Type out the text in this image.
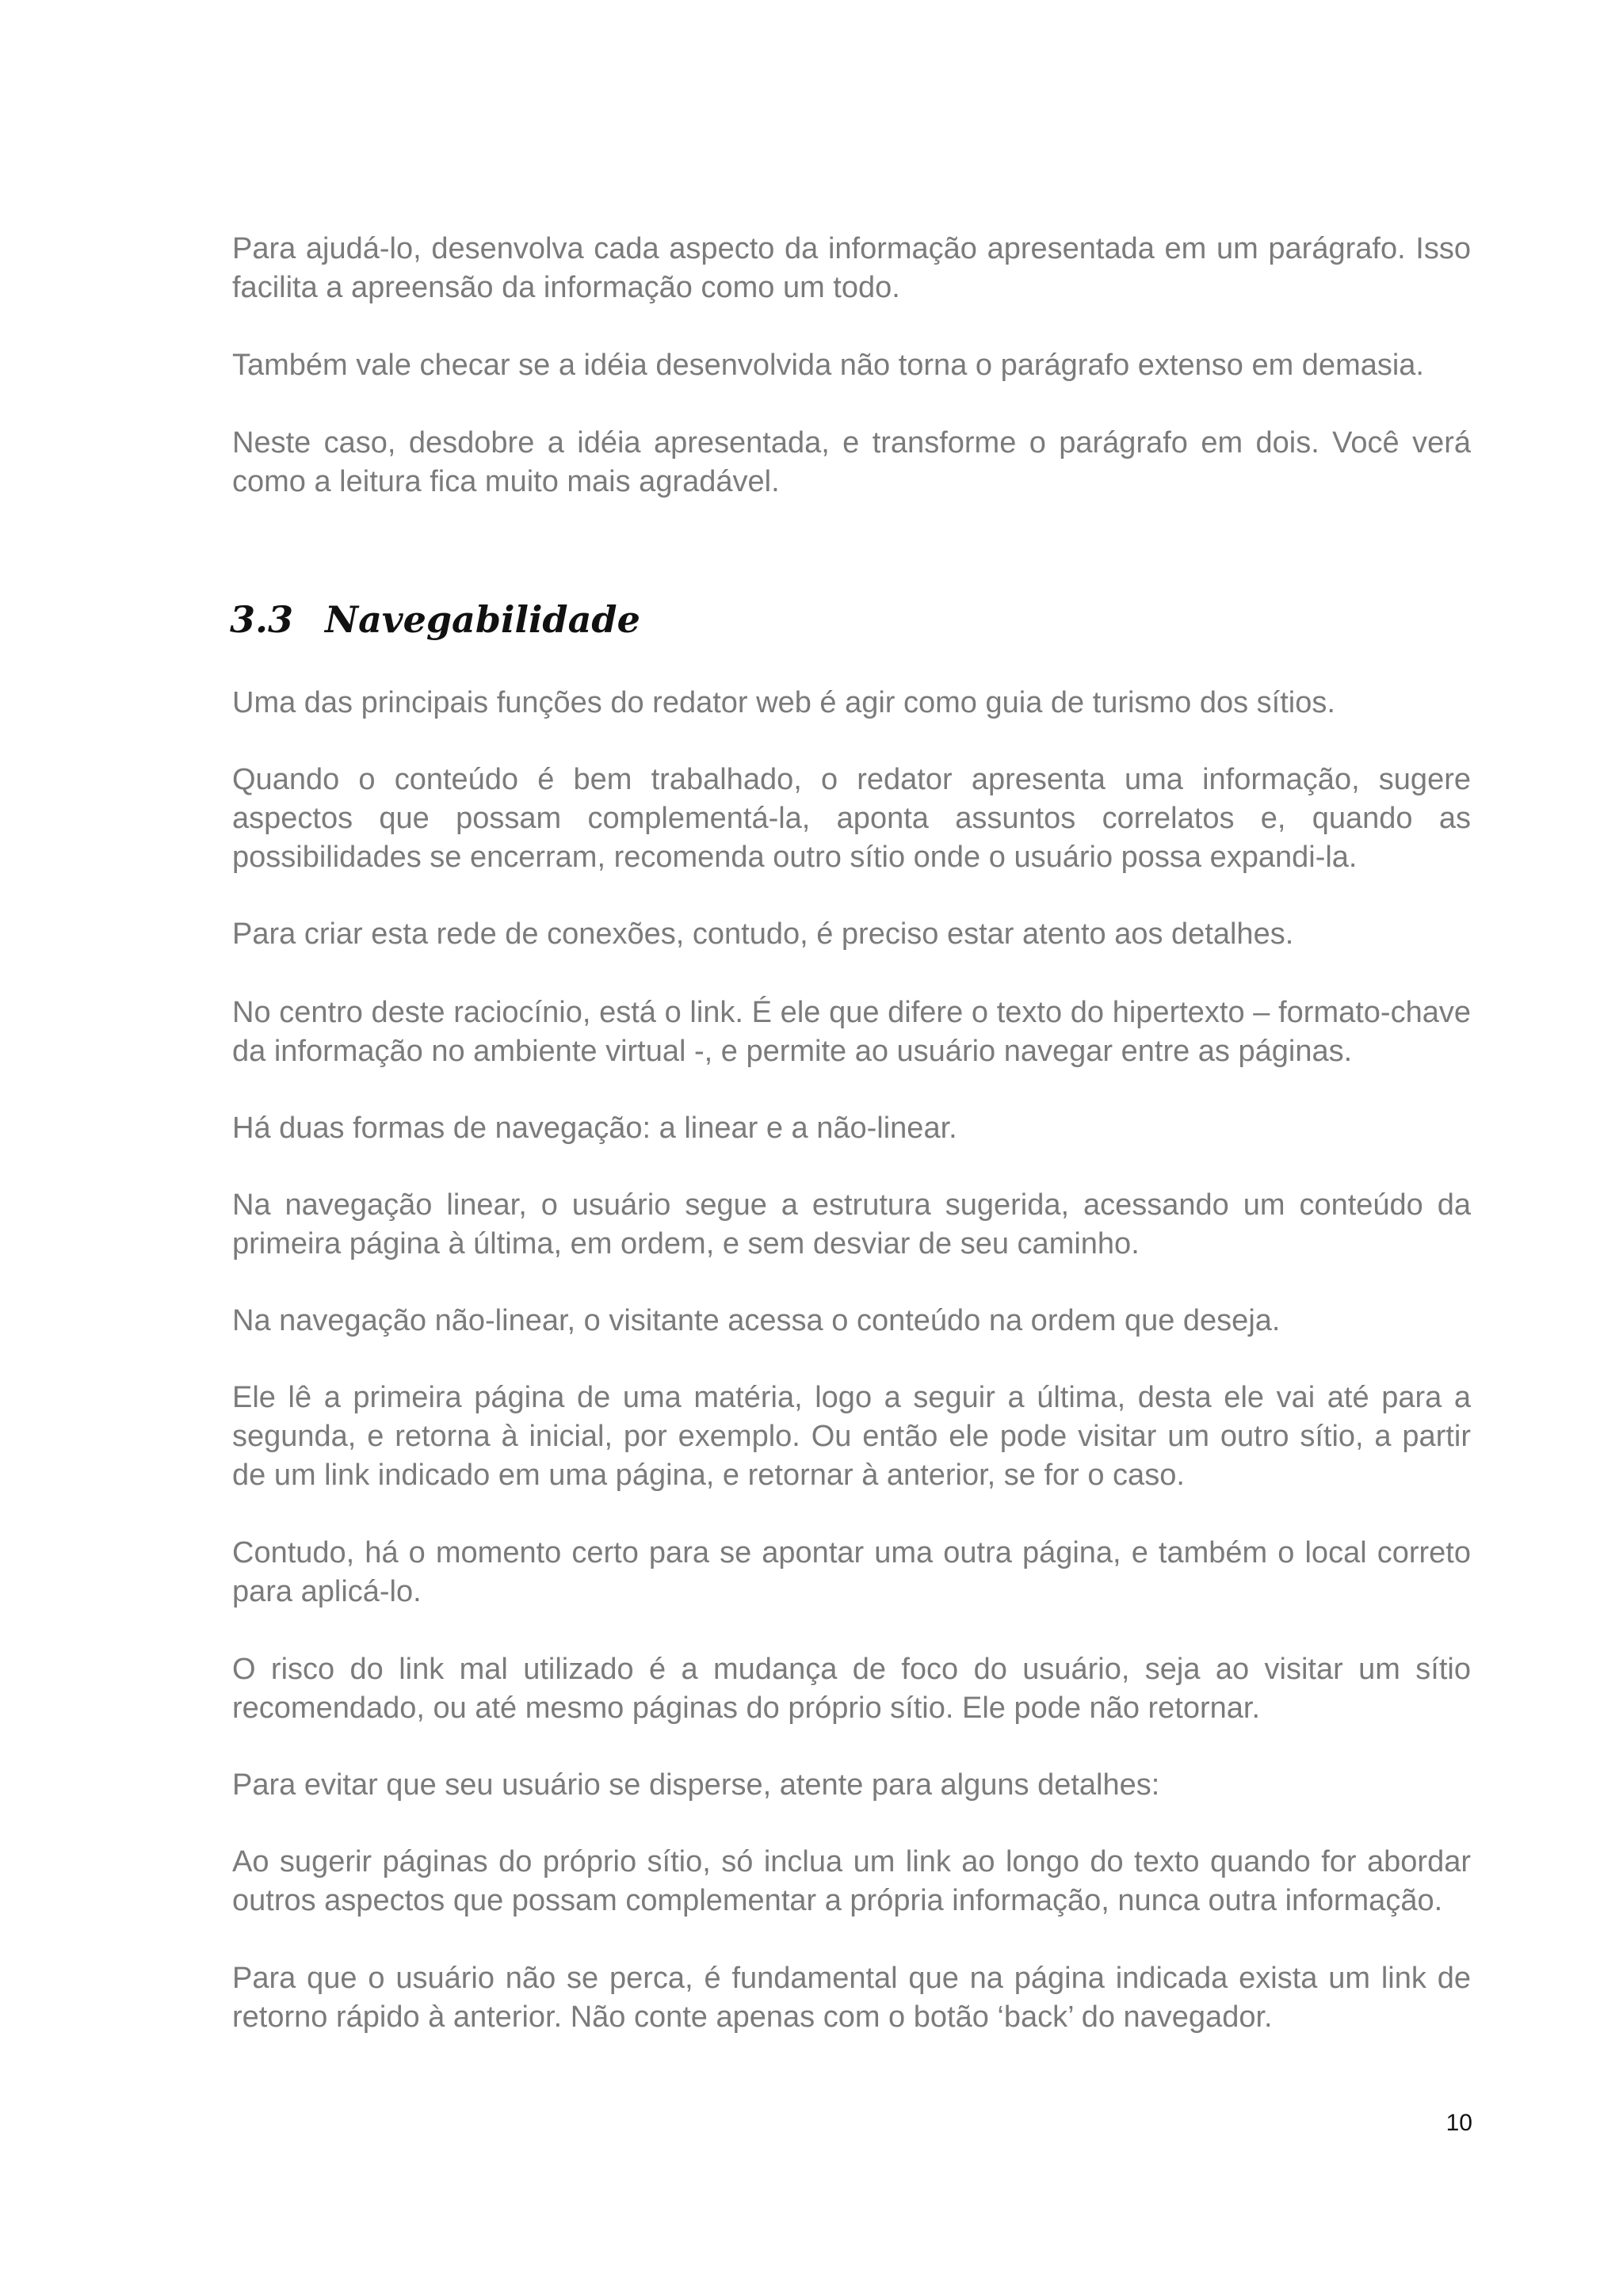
Para ajudá-lo, desenvolva cada aspecto da informação apresentada em um parágrafo. Isso facilita a apreensão da informação como um todo.

Também vale checar se a idéia desenvolvida não torna o parágrafo extenso em demasia.

Neste caso, desdobre a idéia apresentada, e transforme o parágrafo em dois. Você verá como a leitura fica muito mais agradável.

3.3 Navegabilidade

Uma das principais funções do redator web é agir como guia de turismo dos sítios.

Quando o conteúdo é bem trabalhado, o redator apresenta uma informação, sugere aspectos que possam complementá-la, aponta assuntos correlatos e, quando as possibilidades se encerram, recomenda outro sítio onde o usuário possa expandi-la.

Para criar esta rede de conexões, contudo, é preciso estar atento aos detalhes.

No centro deste raciocínio, está o link. É ele que difere o texto do hipertexto – formato-chave da informação no ambiente virtual -, e permite ao usuário navegar entre as páginas.

Há duas formas de navegação: a linear e a não-linear.

Na navegação linear, o usuário segue a estrutura sugerida, acessando um conteúdo da primeira página à última, em ordem, e sem desviar de seu caminho.

Na navegação não-linear, o visitante acessa o conteúdo na ordem que deseja.

Ele lê a primeira página de uma matéria, logo a seguir a última, desta ele vai até para a segunda, e retorna à inicial, por exemplo. Ou então ele pode visitar um outro sítio, a partir de um link indicado em uma página, e retornar à anterior, se for o caso.

Contudo, há o momento certo para se apontar uma outra página, e também o local correto para aplicá-lo.

O risco do link mal utilizado é a mudança de foco do usuário, seja ao visitar um sítio recomendado, ou até mesmo páginas do próprio sítio. Ele pode não retornar.

Para evitar que seu usuário se disperse, atente para alguns detalhes:

Ao sugerir páginas do próprio sítio, só inclua um link ao longo do texto quando for abordar outros aspectos que possam complementar a própria informação, nunca outra informação.

Para que o usuário não se perca, é fundamental que na página indicada exista um link de retorno rápido à anterior. Não conte apenas com o botão ‘back’ do navegador.

10
